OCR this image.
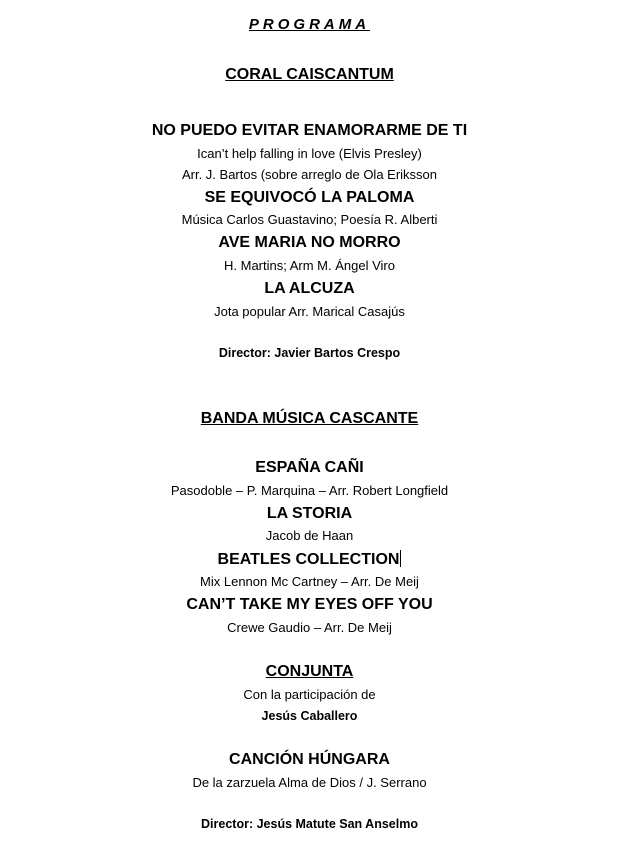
PROGRAMA
CORAL CAISCANTUM
NO PUEDO EVITAR ENAMORARME DE TI
Ican’t help falling in love (Elvis Presley)
Arr. J. Bartos (sobre arreglo de Ola Eriksson
SE EQUIVOCÓ LA PALOMA
Música Carlos Guastavino; Poesía R. Alberti
AVE MARIA NO MORRO
H. Martins; Arm M. Ángel Viro
LA ALCUZA
Jota popular Arr. Marical Casajús
Director: Javier Bartos Crespo
BANDA MÚSICA CASCANTE
ESPAÑA CAÑI
Pasodoble – P. Marquina – Arr. Robert Longfield
LA STORIA
Jacob de Haan
BEATLES COLLECTION
Mix Lennon Mc Cartney – Arr. De Meij
CAN’T TAKE MY EYES OFF YOU
Crewe Gaudio – Arr. De Meij
CONJUNTA
Con la participación de
Jesús Caballero
CANCIÓN HÚNGARA
De la zarzuela Alma de Dios / J. Serrano
Director: Jesús Matute San Anselmo
